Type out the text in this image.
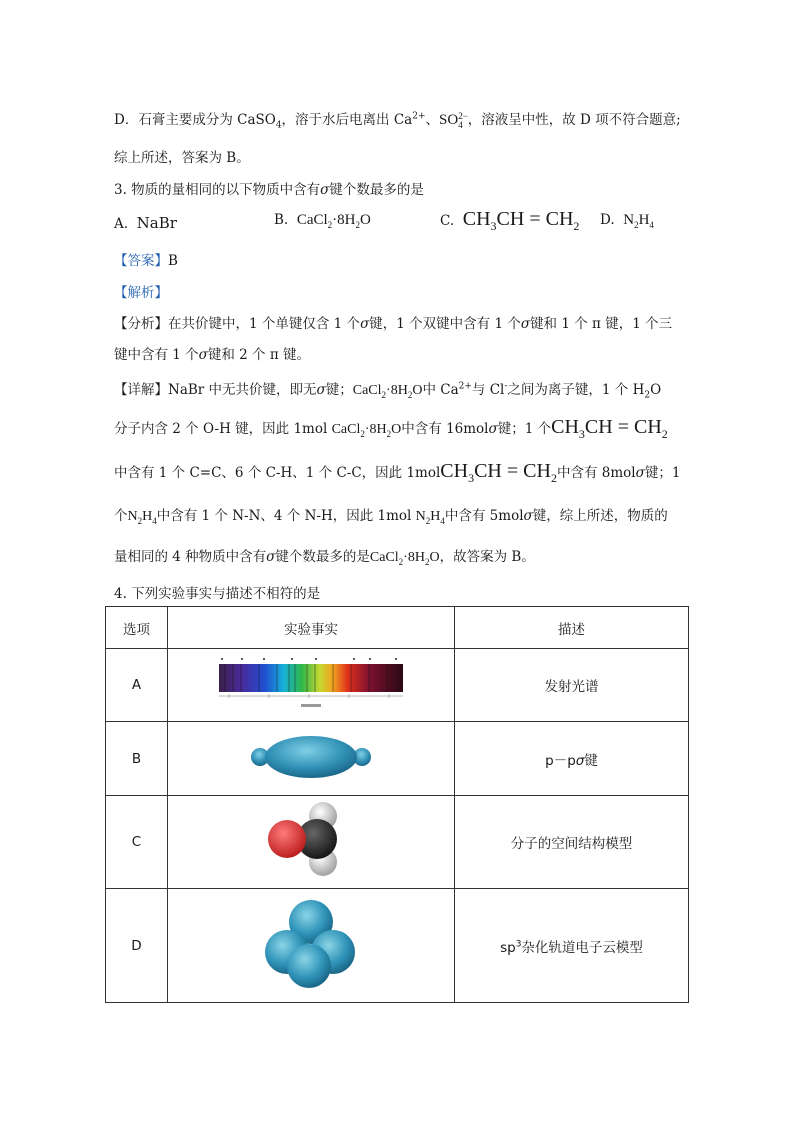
D．石膏主要成分为 CaSO$_4$，溶于水后电离出 $Ca^{2+}$、SO 2−
4 ，溶液呈中性，故 D 项不符合题意;
综上所述，答案为 B。
3. 物质的量相同的以下物质中含有σ键个数最多的是
A. NaBr	B. $CaCl_2\cdot 8H_2O$	C. $CH_3CH = CH_2$ D. $N_2H_4$
【答案】B
【解析】
【分析】在共价键中，1 个单键仅含 1 个σ键，1 个双键中含有 1 个σ键和 1 个 π 键，1 个三
键中含有 1 个σ键和 2 个 π 键。
【详解】NaBr 中无共价键，即无σ键；$CaCl_2\cdot 8H_2O$中 $Ca^{2+}$与 Cl-之间为离子键，1 个 $H_2O$
分子内含 2 个 O-H 键，因此 1mol $CaCl_2\cdot 8H_2O$中含有 16molσ键；1 个$CH_3CH = CH_2$
中含有 1 个 C=C、6 个 C-H、1 个 C-C，因此 1molCH$_3$CH = $CH_2$中含有 8molσ键；1
个$N_2H_4$中含有 1 个 N-N、4 个 N-H，因此 1mol $N_2H_4$中含有 5molσ键，综上所述，物质的
量相同的 4 种物质中含有σ键个数最多的是$CaCl_2\cdot 8H_2O$，故答案为 B。
4. 下列实验事实与描述不相符的是
选项	实验事实	描述
A		发射光谱
B		p－pσ键
C		分子的空间结构模型
D		$sp^3$杂化轨道电子云模型
